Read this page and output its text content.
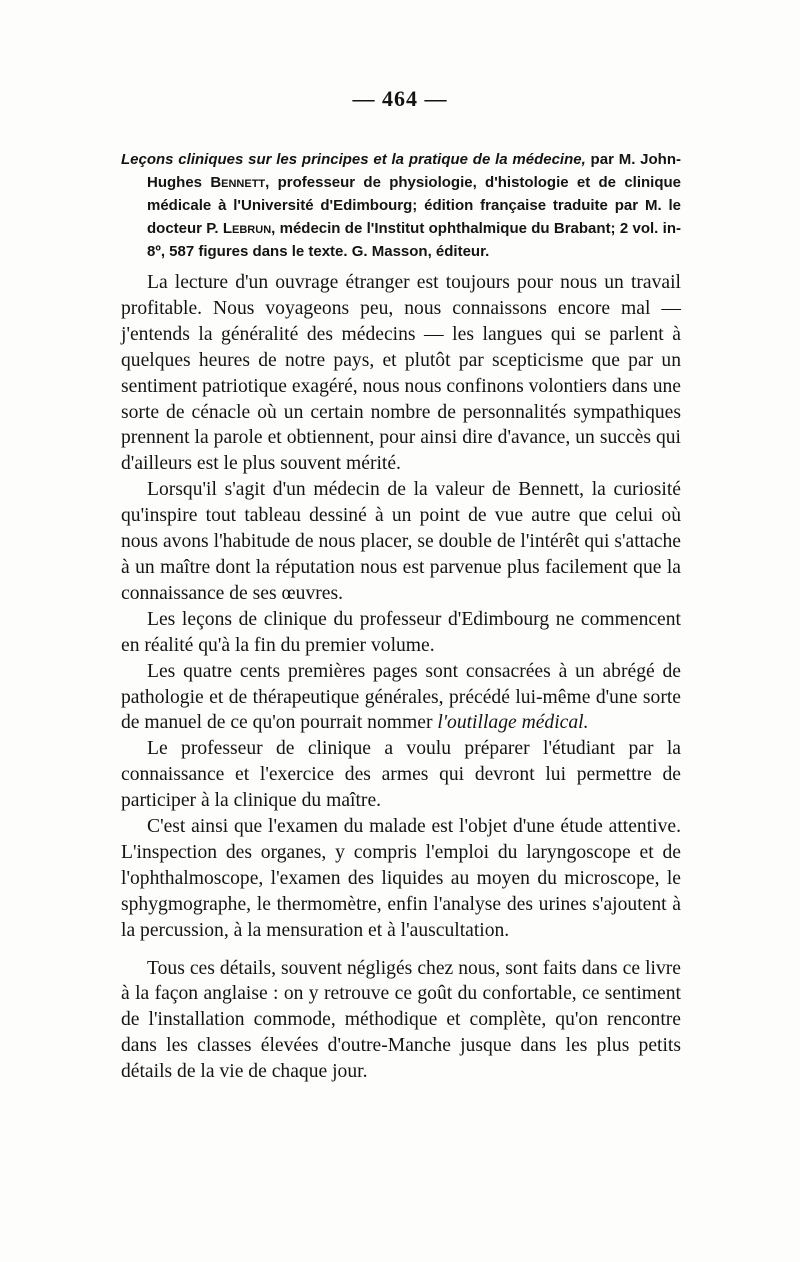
— 464 —
Leçons cliniques sur les principes et la pratique de la médecine, par M. John-Hughes Bennett, professeur de physiologie, d'histologie et de clinique médicale à l'Université d'Edimbourg; édition française traduite par M. le docteur P. Lebrun, médecin de l'Institut ophthalmique du Brabant; 2 vol. in-8º, 587 figures dans le texte. G. Masson, éditeur.

La lecture d'un ouvrage étranger est toujours pour nous un travail profitable. Nous voyageons peu, nous connaissons encore mal — j'entends la généralité des médecins — les langues qui se parlent à quelques heures de notre pays, et plutôt par scepticisme que par un sentiment patriotique exagéré, nous nous confinons volontiers dans une sorte de cénacle où un certain nombre de personnalités sympathiques prennent la parole et obtiennent, pour ainsi dire d'avance, un succès qui d'ailleurs est le plus souvent mérité.

Lorsqu'il s'agit d'un médecin de la valeur de Bennett, la curiosité qu'inspire tout tableau dessiné à un point de vue autre que celui où nous avons l'habitude de nous placer, se double de l'intérêt qui s'attache à un maître dont la réputation nous est parvenue plus facilement que la connaissance de ses œuvres.

Les leçons de clinique du professeur d'Edimbourg ne commencent en réalité qu'à la fin du premier volume.

Les quatre cents premières pages sont consacrées à un abrégé de pathologie et de thérapeutique générales, précédé lui-même d'une sorte de manuel de ce qu'on pourrait nommer l'outillage médical.

Le professeur de clinique a voulu préparer l'étudiant par la connaissance et l'exercice des armes qui devront lui permettre de participer à la clinique du maître.

C'est ainsi que l'examen du malade est l'objet d'une étude attentive. L'inspection des organes, y compris l'emploi du laryngoscope et de l'ophthalmoscope, l'examen des liquides au moyen du microscope, le sphygmographe, le thermomètre, enfin l'analyse des urines s'ajoutent à la percussion, à la mensuration et à l'auscultation.

Tous ces détails, souvent négligés chez nous, sont faits dans ce livre à la façon anglaise : on y retrouve ce goût du confortable, ce sentiment de l'installation commode, méthodique et complète, qu'on rencontre dans les classes élevées d'outre-Manche jusque dans les plus petits détails de la vie de chaque jour.
